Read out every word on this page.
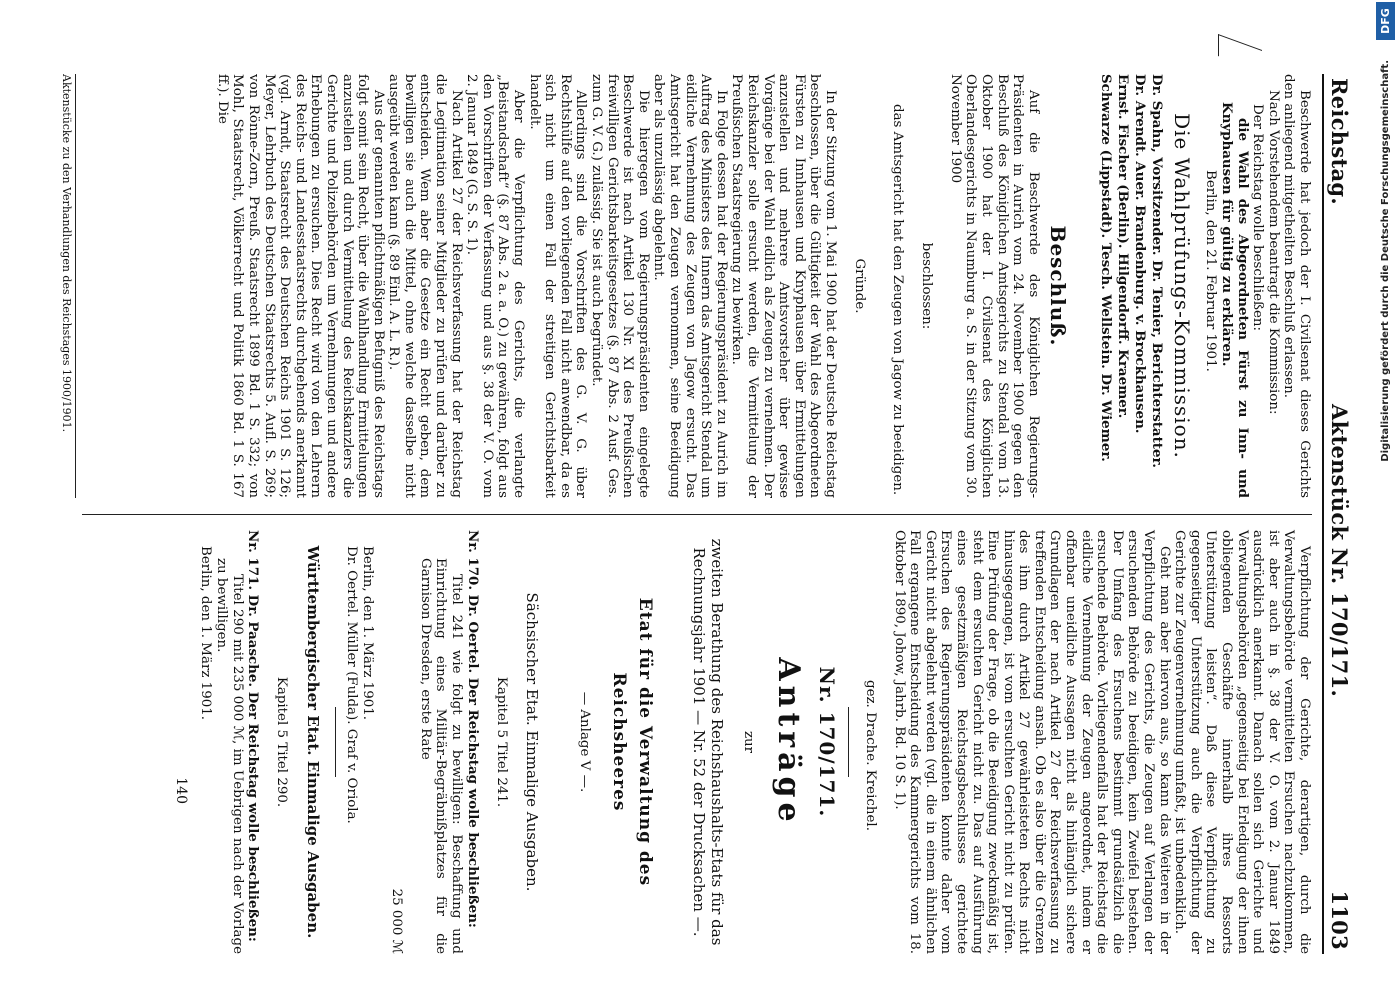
Reichstag.
Aktenstück Nr. 170/171.
1103

Beschwerde hat jedoch der I. Civilsenat dieses Gerichts den anliegend mitgetheilten Beschluß erlassen.

Nach Vorstehendem beantragt die Kommission:

Der Reichstag wolle beschließen:

die Wahl des Abgeordneten Fürst zu Inn- und Knyphausen für gültig zu erklären.

Berlin, den 21. Februar 1901.

Die Wahlprüfungs-Kommission.

Dr. Spahn, Vorsitzender. Dr. Tenier, Berichterstatter.

Dr. Arendt. Auer. Brandenburg. v. Brockhausen.

Ernst. Fischer (Berlin). Hilgendorff. Kraemer.

Schwarze (Lippstadt). Tesch. Wellstein. Dr. Wiemer.

Beschluß.

Auf die Beschwerde des Königlichen Regierungs-Präsidenten in Aurich vom 24. November 1900 gegen den Beschluß des Königlichen Amtsgerichts zu Stendal vom 13. Oktober 1900 hat der I. Civilsenat des Königlichen Oberlandesgerichts in Naumburg a. S. in der Sitzung vom 30. November 1900

beschlossen:

das Amtsgericht hat den Zeugen von Jagow zu beeidigen.

Gründe.

In der Sitzung vom 1. Mai 1900 hat der Deutsche Reichstag beschlossen, über die Gültigkeit der Wahl des Abgeordneten Fürsten zu Innhausen und Knyphausen über Ermittelungen anzustellen und mehrere Amtsvorsteher über gewisse Vorgänge bei der Wahl eidlich als Zeugen zu vernehmen. Der Reichskanzler solle ersucht werden, die Vermittelung der Preußischen Staatsregierung zu bewirken.

In Folge dessen hat der Regierungspräsident zu Aurich im Auftrag des Ministers des Innern das Amtsgericht Stendal um eidliche Vernehmung des Zeugen von Jagow ersucht. Das Amtsgericht hat den Zeugen vernommen, seine Beeidigung aber als unzulässig abgelehnt.

Die hiergegen vom Regierungspräsidenten eingelegte Beschwerde ist nach Artikel 130 Nr. XI des Preußischen freiwilligen Gerichtsbarkeitsgesetzes (§. 87 Abs. 2 Ausf. Ges. zum G. V. G.) zulässig. Sie ist auch begründet.

Allerdings sind die Vorschriften des G. V. G. über Rechtshülfe auf den vorliegenden Fall nicht anwendbar, da es sich nicht um einen Fall der streitigen Gerichtsbarkeit handelt.

Aber die Verpflichtung des Gerichts, die verlangte „Beistandschaft“ (§. 87 Abs. 2 a. a. O.) zu gewähren, folgt aus den Vorschriften der Verfassung und aus §. 38 der V. O. vom 2. Januar 1849 (G. S. S. 1).

Nach Artikel 27 der Reichsverfassung hat der Reichstag die Legitimation seiner Mitglieder zu prüfen und darüber zu entscheiden. Wem aber die Gesetze ein Recht geben, dem bewilligen sie auch die Mittel, ohne welche dasselbe nicht ausgeübt werden kann (§. 89 Einl. A. L. R.).

Aus der genannten pflichtmäßigen Befugniß des Reichstags folgt somit sein Recht, über die Wahlhandlung Ermittelungen anzustellen und durch Vermittelung des Reichskanzlers die Gerichte und Polizeibehörden um Vernehmungen und andere Erhebungen zu ersuchen. Dies Recht wird von den Lehrern des Reichs- und Landesstaatsrechts durchgehends anerkannt (vgl. Arndt, Staatsrecht des Deutschen Reichs 1901 S. 126; Meyer, Lehrbuch des Deutschen Staatsrechts 5. Aufl. S. 269; von Rönne-Zorn, Preuß. Staatsrecht 1899 Bd. 1 S. 332; von Mohl, Staatsrecht, Völkerrecht und Politik 1860 Bd. 1 S. 167 ff.). Die

Verpflichtung der Gerichte, derartigen, durch die Verwaltungsbehörde vermittelten Ersuchen nachzukommen, ist aber auch in §. 38 der V. O. vom 2. Januar 1849 ausdrücklich anerkannt. Danach sollen sich Gerichte und Verwaltungsbehörden „gegenseitig bei Erledigung der ihnen obliegenden Geschäfte innerhalb ihres Ressorts Unterstützung leisten“. Daß diese Verpflichtung zu gegenseitiger Unterstützung auch die Verpflichtung der Gerichte zur Zeugenvernehmung umfaßt, ist unbedenklich.

Geht man aber hiervon aus, so kann das Weiteren in der Verpflichtung des Gerichts, die Zeugen auf Verlangen der ersuchenden Behörde zu beeidigen, kein Zweifel bestehen. Der Umfang des Ersuchens bestimmt grundsätzlich die ersuchende Behörde. Vorliegendenfalls hat der Reichstag die eidliche Vernehmung der Zeugen angeordnet, indem er offenbar uneidliche Aussagen nicht als hinlänglich sichere Grundlagen der nach Artikel 27 der Reichsverfassung zu treffenden Entscheidung ansah. Ob es also über die Grenzen des ihm durch Artikel 27 gewährleisteten Rechts nicht hinausgegangen, ist vom ersuchten Gericht nicht zu prüfen. Eine Prüfung der Frage, ob die Beeidigung zweckmäßig ist, steht dem ersuchten Gericht nicht zu. Das auf Ausführung eines gesetzmäßigen Reichstagsbeschlusses gerichtete Ersuchen des Regierungspräsidenten konnte daher vom Gericht nicht abgelehnt werden (vgl. die in einem ähnlichen Fall ergangene Entscheidung des Kammergerichts vom 18. Oktober 1890, Johow, Jahrb. Bd. 10 S. 1).

gez. Drache. Kreichel.

Nr. 170/171.
Anträge

zur

zweiten Berathung des Reichshaushalts-Etats für das Rechnungsjahr 1901 — Nr. 52 der Drucksachen —.

Etat für die Verwaltung des Reichsheeres

— Anlage V —.

Sächsischer Etat. Einmalige Ausgaben.

Kapitel 5 Titel 241.

Nr. 170. Dr. Oertel. Der Reichstag wolle beschließen:

Titel 241 wie folgt zu bewilligen: Beschaffung und Einrichtung eines Militär-Begräbnißplatzes für die Garnison Dresden, erste Rate

25 000 ℳ

Berlin, den 1. März 1901.

Dr. Oertel. Müller (Fulda). Graf v. Oriola.

Württembergischer Etat. Einmalige Ausgaben.

Kapitel 5 Titel 290.

Nr. 171. Dr. Paasche. Der Reichstag wolle beschließen:

Titel 290 mit 235 000 ℳ, im Uebrigen nach der Vorlage zu bewilligen.

Berlin, den 1. März 1901.

140

Aktenstücke zu den Verhandlungen des Reichstages 1900/1901.
DFG
Digitalisierung gefördert durch die Deutsche Forschungsgemeinschaft.
